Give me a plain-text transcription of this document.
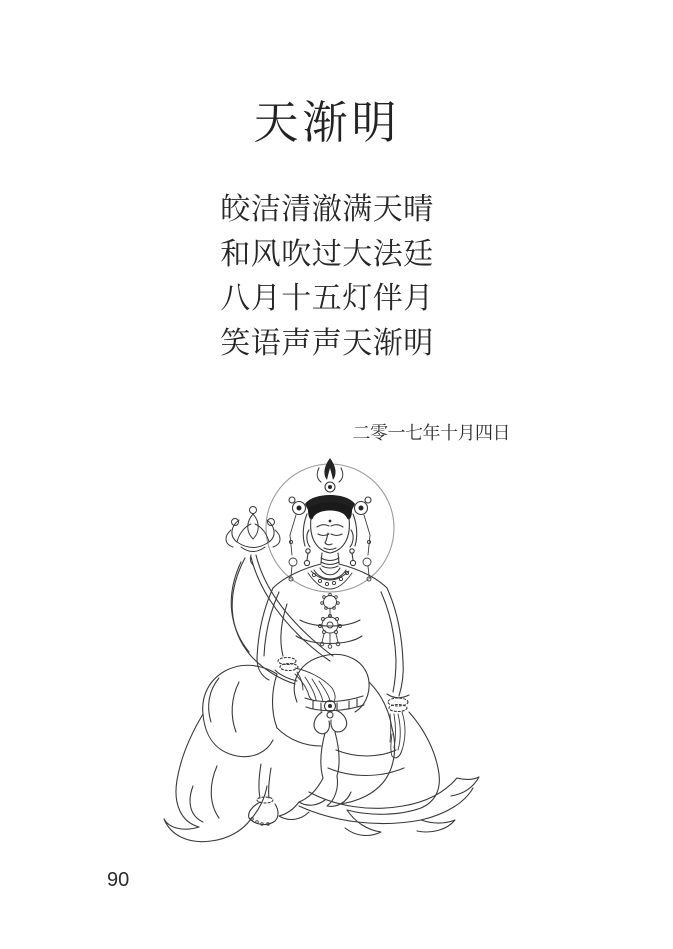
天渐明
皎洁清澈满天晴
和风吹过大法廷
八月十五灯伴月
笑语声声天渐明
二零一七年十月四日
90
